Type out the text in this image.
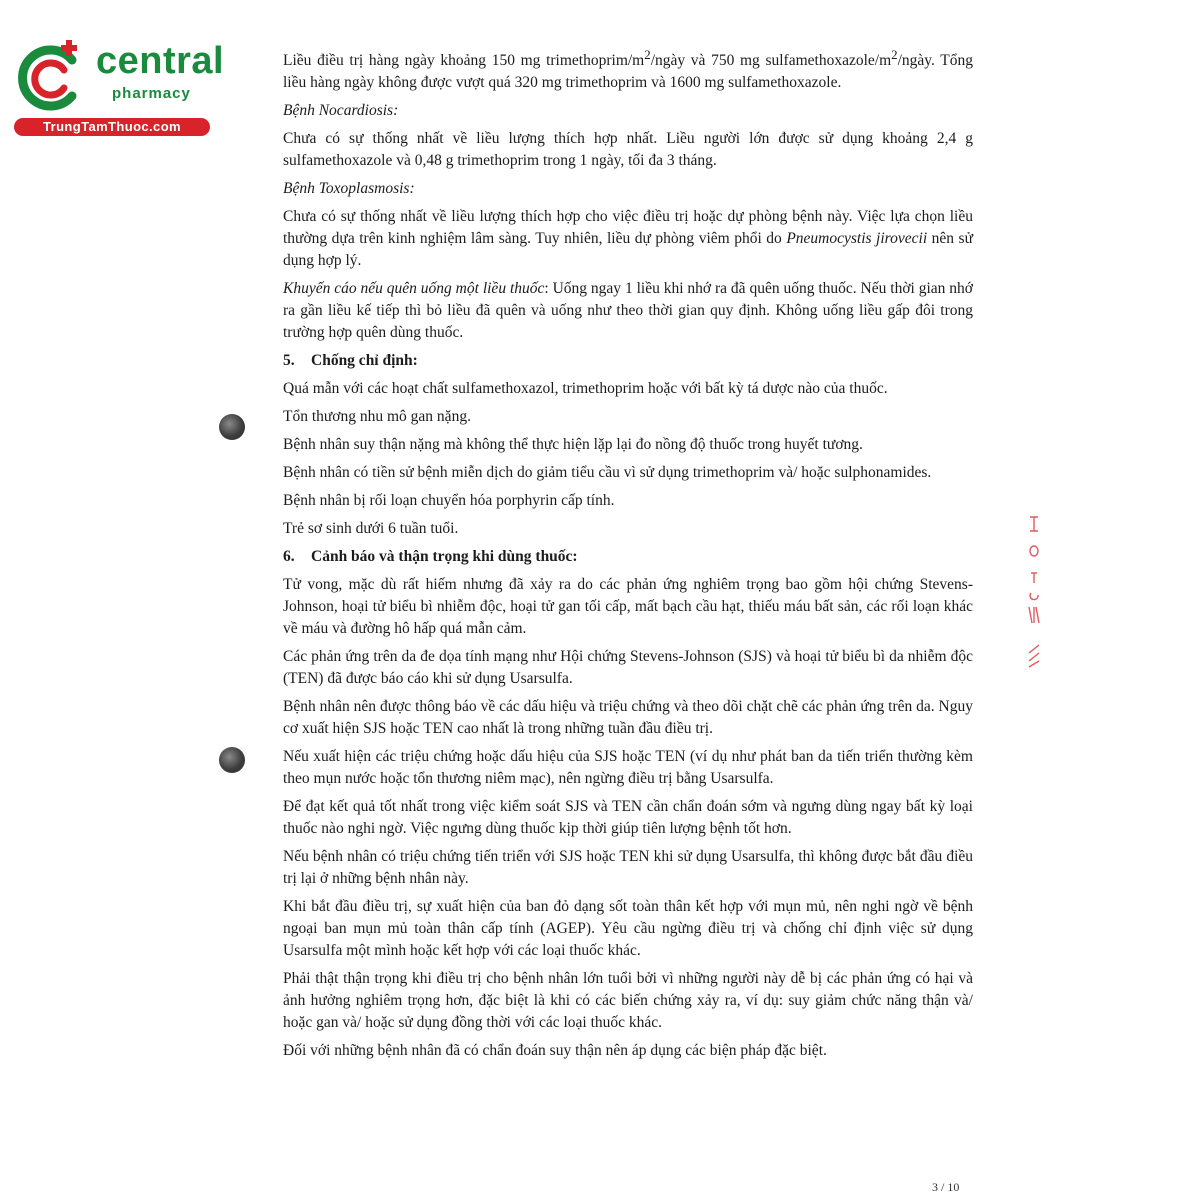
central
pharmacy
TrungTamThuoc.com

Liều điều trị hàng ngày khoảng 150 mg trimethoprim/$m^2$/ngày và 750 mg sulfamethoxazole/$m^2$/ngày. Tổng liều hàng ngày không được vượt quá 320 mg trimethoprim và 1600 mg sulfamethoxazole.

Bệnh Nocardiosis:

Chưa có sự thống nhất về liều lượng thích hợp nhất. Liều người lớn được sử dụng khoảng 2,4 g sulfamethoxazole và 0,48 g trimethoprim trong 1 ngày, tối đa 3 tháng.

Bệnh Toxoplasmosis:

Chưa có sự thống nhất về liều lượng thích hợp cho việc điều trị hoặc dự phòng bệnh này. Việc lựa chọn liều thường dựa trên kinh nghiệm lâm sàng. Tuy nhiên, liều dự phòng viêm phổi do Pneumocystis jirovecii nên sử dụng hợp lý.

Khuyến cáo nếu quên uống một liều thuốc: Uống ngay 1 liều khi nhớ ra đã quên uống thuốc. Nếu thời gian nhớ ra gần liều kế tiếp thì bỏ liều đã quên và uống như theo thời gian quy định. Không uống liều gấp đôi trong trường hợp quên dùng thuốc.

5. Chống chỉ định:

Quá mẫn với các hoạt chất sulfamethoxazol, trimethoprim hoặc với bất kỳ tá dược nào của thuốc.

Tổn thương nhu mô gan nặng.

Bệnh nhân suy thận nặng mà không thể thực hiện lặp lại đo nồng độ thuốc trong huyết tương.

Bệnh nhân có tiền sử bệnh miễn dịch do giảm tiểu cầu vì sử dụng trimethoprim và/ hoặc sulphonamides.

Bệnh nhân bị rối loạn chuyển hóa porphyrin cấp tính.

Trẻ sơ sinh dưới 6 tuần tuổi.

6. Cảnh báo và thận trọng khi dùng thuốc:

Tử vong, mặc dù rất hiếm nhưng đã xảy ra do các phản ứng nghiêm trọng bao gồm hội chứng Stevens-Johnson, hoại tử biểu bì nhiễm độc, hoại tử gan tối cấp, mất bạch cầu hạt, thiếu máu bất sản, các rối loạn khác về máu và đường hô hấp quá mẫn cảm.

Các phản ứng trên da đe dọa tính mạng như Hội chứng Stevens-Johnson (SJS) và hoại tử biểu bì da nhiễm độc (TEN) đã được báo cáo khi sử dụng Usarsulfa.

Bệnh nhân nên được thông báo về các dấu hiệu và triệu chứng và theo dõi chặt chẽ các phản ứng trên da. Nguy cơ xuất hiện SJS hoặc TEN cao nhất là trong những tuần đầu điều trị.

Nếu xuất hiện các triệu chứng hoặc dấu hiệu của SJS hoặc TEN (ví dụ như phát ban da tiến triển thường kèm theo mụn nước hoặc tổn thương niêm mạc), nên ngừng điều trị bằng Usarsulfa.

Để đạt kết quả tốt nhất trong việc kiểm soát SJS và TEN cần chẩn đoán sớm và ngưng dùng ngay bất kỳ loại thuốc nào nghi ngờ. Việc ngưng dùng thuốc kịp thời giúp tiên lượng bệnh tốt hơn.

Nếu bệnh nhân có triệu chứng tiến triển với SJS hoặc TEN khi sử dụng Usarsulfa, thì không được bắt đầu điều trị lại ở những bệnh nhân này.

Khi bắt đầu điều trị, sự xuất hiện của ban đỏ dạng sốt toàn thân kết hợp với mụn mủ, nên nghi ngờ về bệnh ngoại ban mụn mủ toàn thân cấp tính (AGEP). Yêu cầu ngừng điều trị và chống chỉ định việc sử dụng Usarsulfa một mình hoặc kết hợp với các loại thuốc khác.

Phải thật thận trọng khi điều trị cho bệnh nhân lớn tuổi bởi vì những người này dễ bị các phản ứng có hại và ảnh hưởng nghiêm trọng hơn, đặc biệt là khi có các biến chứng xảy ra, ví dụ: suy giảm chức năng thận và/ hoặc gan và/ hoặc sử dụng đồng thời với các loại thuốc khác.

Đối với những bệnh nhân đã có chẩn đoán suy thận nên áp dụng các biện pháp đặc biệt.

3 / 10
